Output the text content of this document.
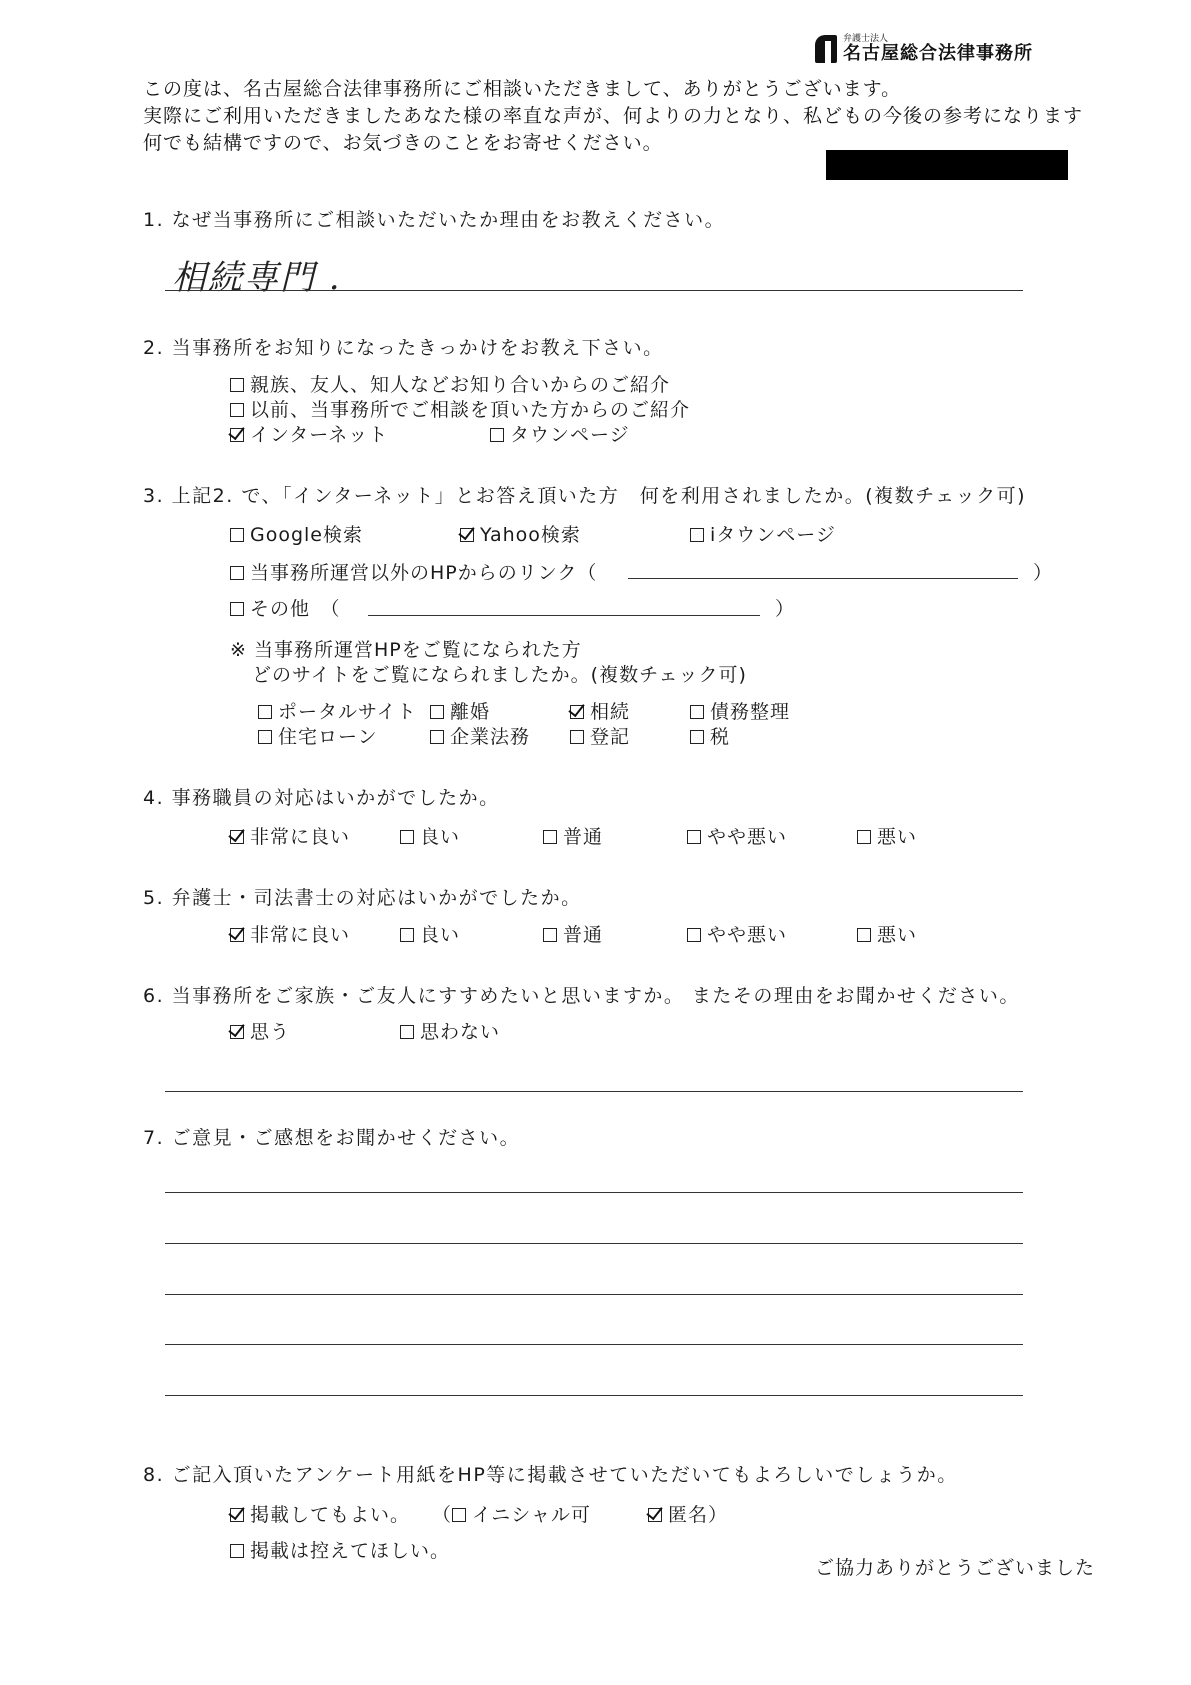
弁護士法人
名古屋総合法律事務所
この度は、名古屋総合法律事務所にご相談いただきまして、ありがとうございます。
実際にご利用いただきましたあなた様の率直な声が、何よりの力となり、私どもの今後の参考になります
何でも結構ですので、お気づきのことをお寄せください。
1. なぜ当事務所にご相談いただいたか理由をお教えください。
相続専門 .
2. 当事務所をお知りになったきっかけをお教え下さい。
親族、友人、知人などお知り合いからのご紹介
以前、当事務所でご相談を頂いた方からのご紹介
インターネット	タウンページ
3. 上記2. で、「インターネット」とお答え頂いた方　何を利用されましたか。(複数チェック可)
Google検索	Yahoo検索	iタウンページ
当事務所運営以外のHPからのリンク（	）
その他　（	）
※ 当事務所運営HPをご覧になられた方
どのサイトをご覧になられましたか。(複数チェック可)
ポータルサイト	離婚	相続	債務整理
住宅ローン	企業法務	登記	税
4. 事務職員の対応はいかがでしたか。
非常に良い	良い	普通	やや悪い	悪い
5. 弁護士・司法書士の対応はいかがでしたか。
非常に良い	良い	普通	やや悪い	悪い
6. 当事務所をご家族・ご友人にすすめたいと思いますか。 またその理由をお聞かせください。
思う	思わない
7. ご意見・ご感想をお聞かせください。
8. ご記入頂いたアンケート用紙をHP等に掲載させていただいてもよろしいでしょうか。
掲載してもよい。 （ イニシャル可	匿名）
掲載は控えてほしい。
ご協力ありがとうございました
